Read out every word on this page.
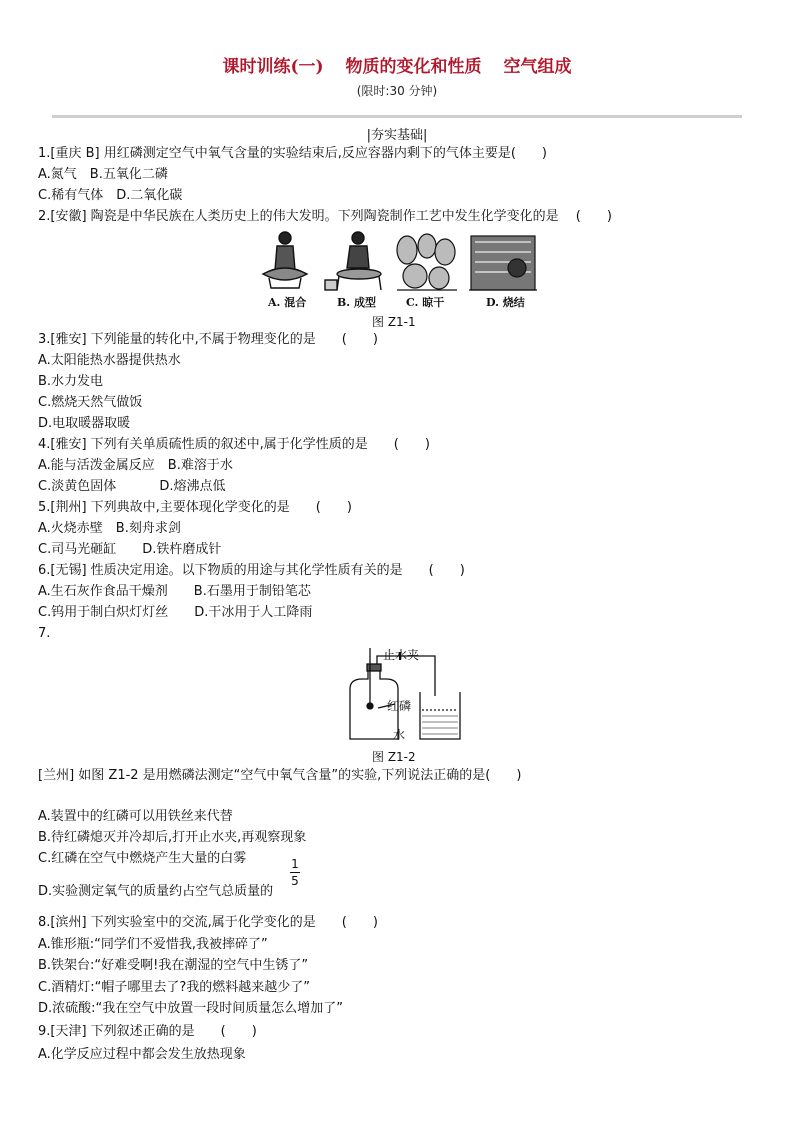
课时训练(一) 物质的变化和性质 空气组成
(限时:30 分钟)
|夯实基础|
1.[重庆 B] 用红磷测定空气中氧气含量的实验结束后,反应容器内剩下的气体主要是(　　)
A.氮气　B.五氧化二磷
C.稀有气体　D.二氧化碳
2.[安徽] 陶瓷是中华民族在人类历史上的伟大发明。下列陶瓷制作工艺中发生化学变化的是　 (　　)
A. 混合	B. 成型	C. 晾干	D. 烧结
图 Z1-1
3.[雅安] 下列能量的转化中,不属于物理变化的是　　(　　)
A.太阳能热水器提供热水
B.水力发电
C.燃烧天然气做饭
D.电取暖器取暖
4.[雅安] 下列有关单质硫性质的叙述中,属于化学性质的是　　(　　)
A.能与活泼金属反应　B.难溶于水
C.淡黄色固体　　　 D.熔沸点低
5.[荆州] 下列典故中,主要体现化学变化的是　　(　　)
A.火烧赤壁　B.刻舟求剑
C.司马光砸缸　　D.铁杵磨成针
6.[无锡] 性质决定用途。以下物质的用途与其化学性质有关的是　　(　　)
A.生石灰作食品干燥剂　　B.石墨用于制铅笔芯
C.钨用于制白炽灯灯丝　　D.干冰用于人工降雨
7.
止水夹
红磷
水
图 Z1-2
[兰州] 如图 Z1-2 是用燃磷法测定“空气中氧气含量”的实验,下列说法正确的是(　　)
A.装置中的红磷可以用铁丝来代替
B.待红磷熄灭并冷却后,打开止水夹,再观察现象
C.红磷在空气中燃烧产生大量的白雾
D.实验测定氧气的质量约占空气总质量的
1
5
8.[滨州] 下列实验室中的交流,属于化学变化的是　　(　　)
A.锥形瓶:“同学们不爱惜我,我被摔碎了”
B.铁架台:“好难受啊!我在潮湿的空气中生锈了”
C.酒精灯:“帽子哪里去了?我的燃料越来越少了”
D.浓硫酸:“我在空气中放置一段时间质量怎么增加了”
9.[天津] 下列叙述正确的是　　(　　)
A.化学反应过程中都会发生放热现象
